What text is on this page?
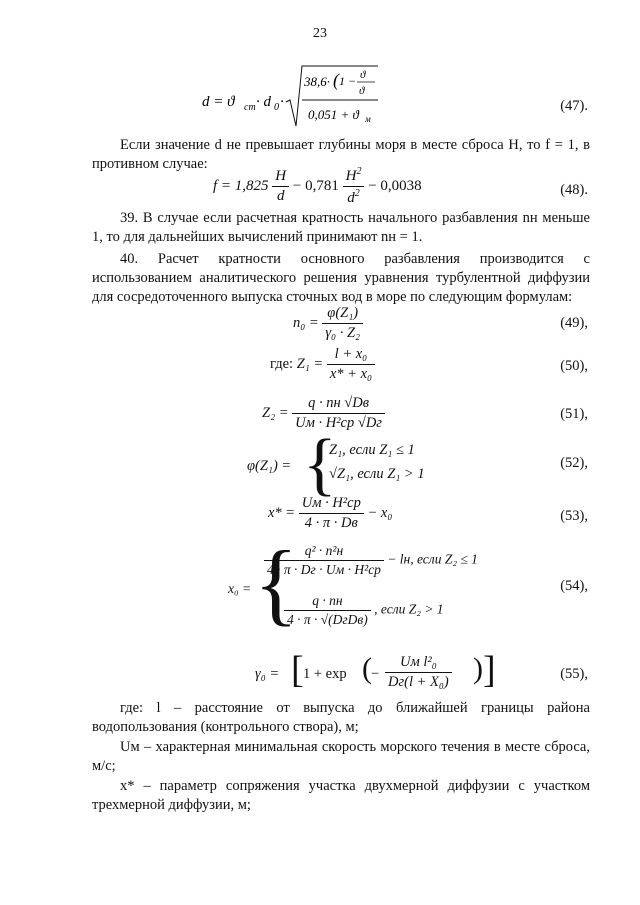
23
d = ϑ ст · d 0 ·
38,6· ( 1 − ϑ
ϑ
0,051 + ϑ м
(47).
Если значение d не превышает глубины моря в месте сброса H, то f = 1, в противном случае:
$f = 1,825 \frac{H}{d} - 0,781 \frac{H^2}{d^2} - 0,0038$	(48).
39. В случае если расчетная кратность начального разбавления nн меньше 1, то для дальнейших вычислений принимают nн = 1.
40. Расчет кратности основного разбавления производится с использованием аналитического решения уравнения турбулентной диффузии для сосредоточенного выпуска сточных вод в море по следующим формулам:
$n_0 = \frac{\text{φ(Z₁)}}{\text{γ₀ · Z₂}}$	(49),
где: $Z_1 = \frac{\text{l + x₀}}{\text{x* + x₀}}$	(50),
$Z_2 = \frac{q \cdot nн √Dв}{\text{Uм · H²ср √Dг}}$	(51),
φ(Z₁) = {
Z₁, если Z₁ ≤ 1
√Z₁, если Z₁ > 1
(52),
$x* = \frac{\text{Uм · H²ср}}{4 \cdot \pi \cdot Dв} - x_0$	(53),
x₀ = {
$\frac{\text{q² · n²н}}{\text{4 · π · Dг · Uм · H²ср}}$ − lн, если Z₂ ≤ 1
$\frac{q \cdot nн}{\text{4 · π · √(DгDв)}}$ , если Z₂ > 1
(54),
γ₀ = [ 1 + exp ( − $\frac{\text{Uм l²₀}}{\text{Dг(l + X₀)}}$ ) ]	(55),
где: l – расстояние от выпуска до ближайшей границы района водопользования (контрольного створа), м;
Uм – характерная минимальная скорость морского течения в месте сброса, м/с;
x* – параметр сопряжения участка двухмерной диффузии с участком трехмерной диффузии, м;
